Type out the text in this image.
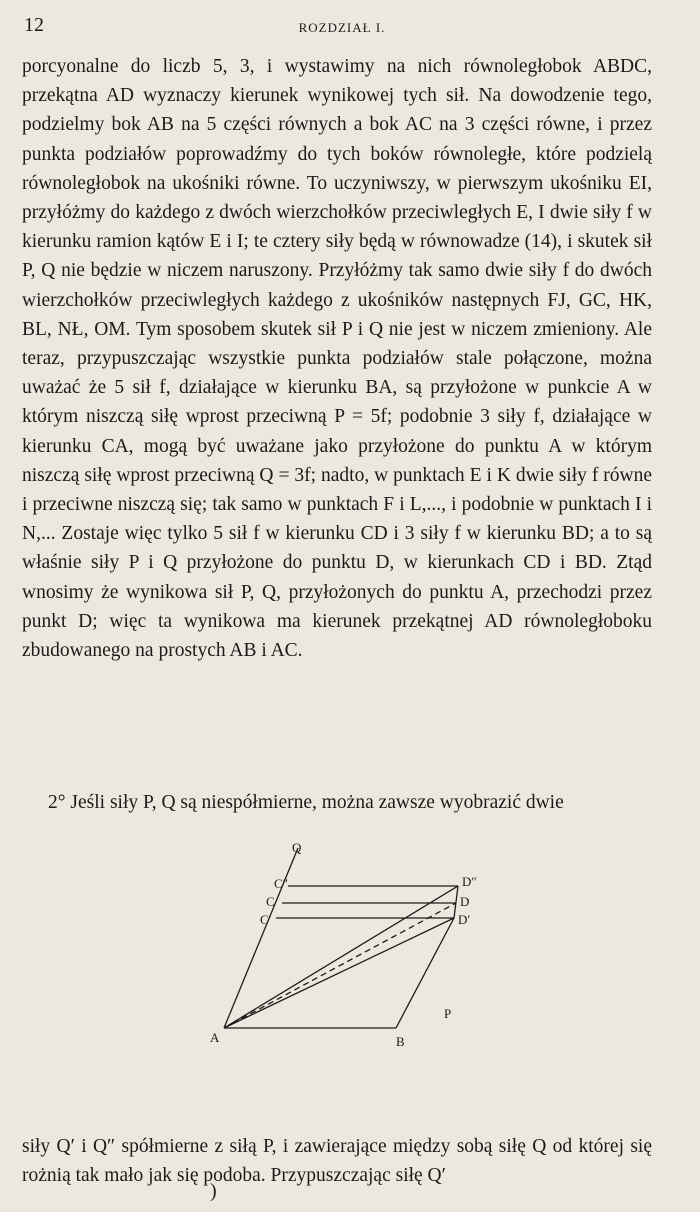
12	ROZDZIAŁ I.

porcyonalne do liczb 5, 3, i wystawimy na nich równoległobok ABDC, przekątna AD wyznaczy kierunek wynikowej tych sił. Na dowodzenie tego, podzielmy bok AB na 5 części równych a bok AC na 3 części równe, i przez punkta podziałów poprowadźmy do tych boków równoległe, które podzielą równoległobok na ukośniki równe. To uczyniwszy, w pierwszym ukośniku EI, przyłóżmy do każdego z dwóch wierzchołków przeciwległych E, I dwie siły f w kierunku ramion kątów E i I; te cztery siły będą w równowadze (14), i skutek sił P, Q nie będzie w niczem naruszony. Przyłóżmy tak samo dwie siły f do dwóch wierzchołków przeciwległych każdego z ukośników następnych FJ, GC, HK, BL, NŁ, OM. Tym sposobem skutek sił P i Q nie jest w niczem zmieniony. Ale teraz, przypuszczając wszystkie punkta podziałów stale połączone, można uważać że 5 sił f, działające w kierunku BA, są przyłożone w punkcie A w którym niszczą siłę wprost przeciwną P = 5f; podobnie 3 siły f, działające w kierunku CA, mogą być uważane jako przyłożone do punktu A w którym niszczą siłę wprost przeciwną Q = 3f; nadto, w punktach E i K dwie siły f równe i przeciwne niszczą się; tak samo w punktach F i L,..., i podobnie w punktach I i N,... Zostaje więc tylko 5 sił f w kierunku CD i 3 siły f w kierunku BD; a to są właśnie siły P i Q przyłożone do punktu D, w kierunkach CD i BD. Ztąd wnosimy że wynikowa sił P, Q, przyłożonych do punktu A, przechodzi przez punkt D; więc ta wynikowa ma kierunek przekątnej AD równoległoboku zbudowanego na prostych AB i AC.

2° Jeśli siły P, Q są niespółmierne, można zawsze wyobrazić dwie

Q
C″
C
C′
D″
D
D′
A	B
P

siły Q′ i Q″ spółmierne z siłą P, i zawierające między sobą siłę Q od której się rożnią tak mało jak się podoba. Przypuszczając siłę Q′

)
